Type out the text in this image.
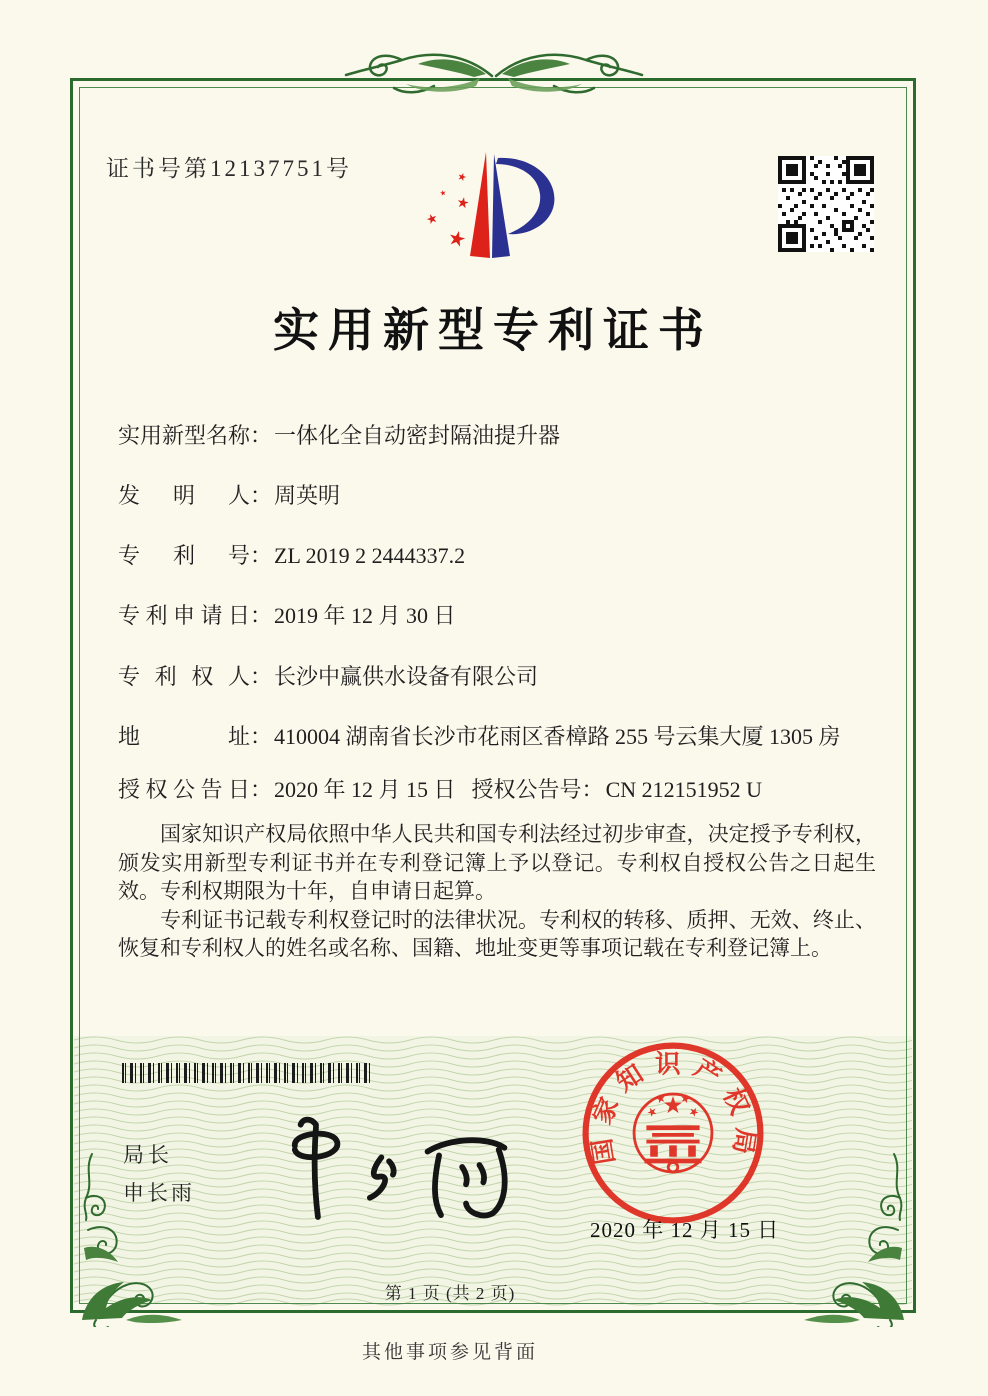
证书号第12137751号
实用新型专利证书
实用新型名称：一体化全自动密封隔油提升器
发明人：周英明
专利号：ZL 2019 2 2444337.2
专利申请日：2019 年 12 月 30 日
专利权人：长沙中赢供水设备有限公司
地址：410004 湖南省长沙市花雨区香樟路 255 号云集大厦 1305 房
授权公告日：2020 年 12 月 15 日 授权公告号：CN 212151952 U

国家知识产权局依照中华人民共和国专利法经过初步审查，决定授予专利权，颁发实用新型专利证书并在专利登记簿上予以登记。专利权自授权公告之日起生效。专利权期限为十年，自申请日起算。

专利证书记载专利权登记时的法律状况。专利权的转移、质押、无效、终止、恢复和专利权人的姓名或名称、国籍、地址变更等事项记载在专利登记簿上。

局长
申长雨
国家知识产权局
2020 年 12 月 15 日
第 1 页 (共 2 页)
其他事项参见背面
